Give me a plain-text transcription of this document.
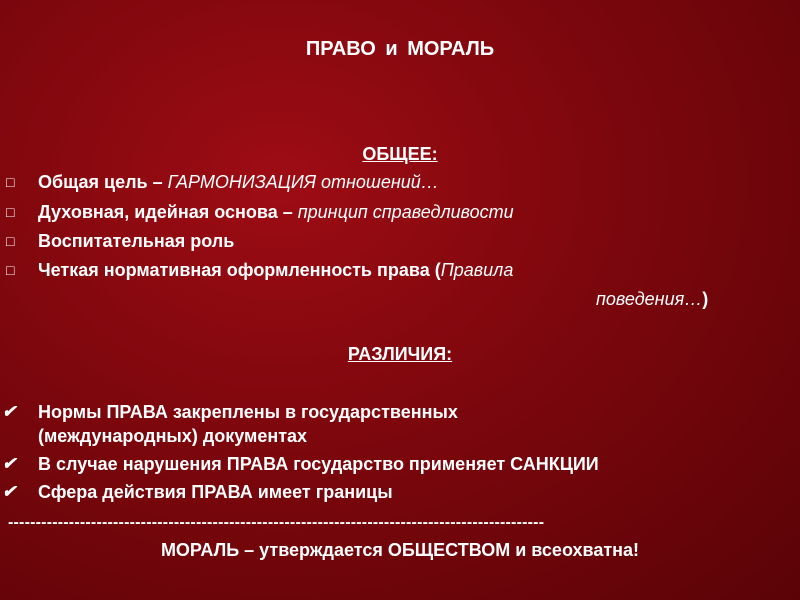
ПРАВО и МОРАЛЬ
ОБЩЕЕ:
□ Общая цель – ГАРМОНИЗАЦИЯ отношений…
□ Духовная, идейная основа – принцип справедливости
□ Воспитательная роль
□ Четкая нормативная оформленность права (Правила
поведения…)
РАЗЛИЧИЯ:
✔ Нормы ПРАВА закреплены в государственных
(международных) документах
✔ В случае нарушения ПРАВА государство применяет САНКЦИИ
✔ Сфера действия ПРАВА имеет границы
-------------------------------------------------------------------------------------------------
МОРАЛЬ – утверждается ОБЩЕСТВОМ и всеохватна!
